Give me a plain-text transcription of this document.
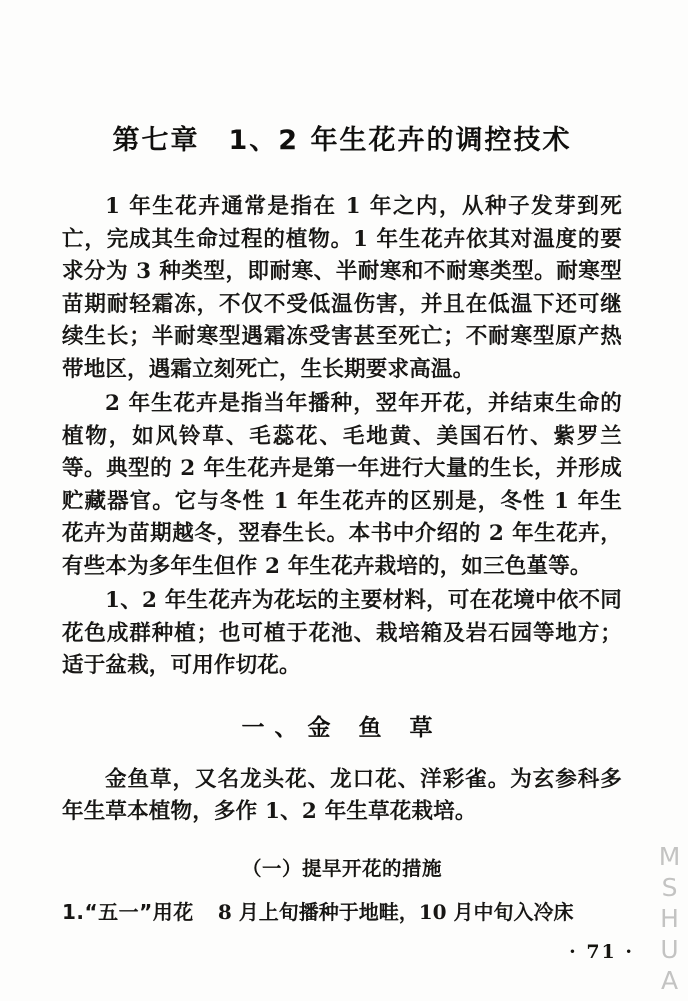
第七章　1、2 年生花卉的调控技术

1 年生花卉通常是指在 1 年之内，从种子发芽到死亡，完成其生命过程的植物。1 年生花卉依其对温度的要求分为 3 种类型，即耐寒、半耐寒和不耐寒类型。耐寒型苗期耐轻霜冻，不仅不受低温伤害，并且在低温下还可继续生长；半耐寒型遇霜冻受害甚至死亡；不耐寒型原产热带地区，遇霜立刻死亡，生长期要求高温。

2 年生花卉是指当年播种，翌年开花，并结束生命的植物，如风铃草、毛蕊花、毛地黄、美国石竹、紫罗兰等。典型的 2 年生花卉是第一年进行大量的生长，并形成贮藏器官。它与冬性 1 年生花卉的区别是，冬性 1 年生花卉为苗期越冬，翌春生长。本书中介绍的 2 年生花卉，有些本为多年生但作 2 年生花卉栽培的，如三色堇等。

1、2 年生花卉为花坛的主要材料，可在花境中依不同花色成群种植；也可植于花池、栽培箱及岩石园等地方；适于盆栽，可用作切花。

一、金 鱼 草

金鱼草，又名龙头花、龙口花、洋彩雀。为玄参科多年生草本植物，多作 1、2 年生草花栽培。

（一）提早开花的措施

1.“五一”用花 8 月上旬播种于地畦，10 月中旬入冷床

· 71 · MSHUA
